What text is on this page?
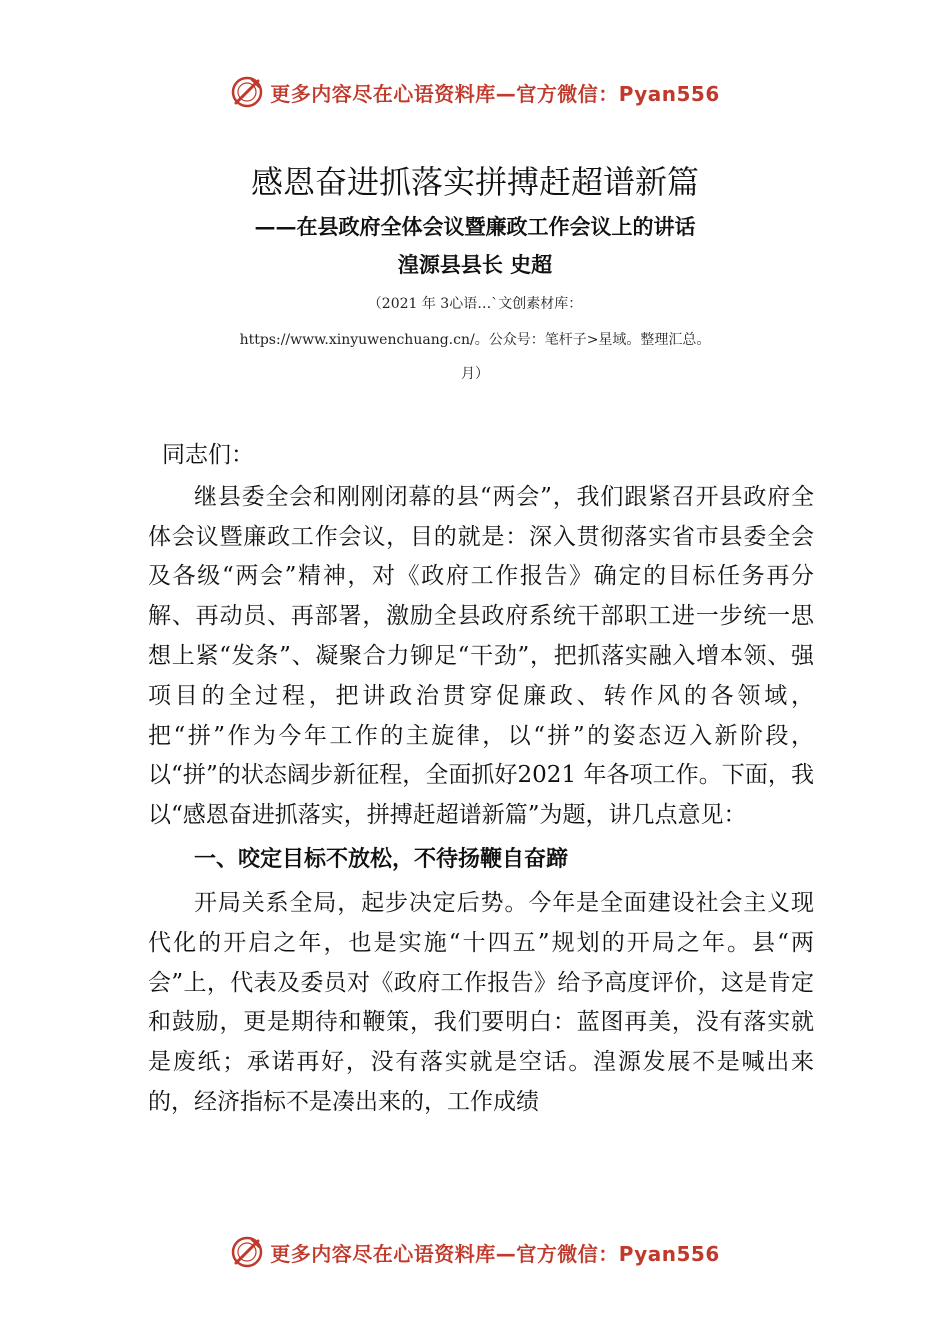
更多内容尽在心语资料库—官方微信：Pyan556
感恩奋进抓落实拼搏赶超谱新篇
——在县政府全体会议暨廉政工作会议上的讲话
湟源县县长 史超
（2021 年 3心语…`文创素材库：
https://www.xinyuwenchuang.cn/。公众号：笔杆子>星域。整理汇总。
月）

同志们：

继县委全会和刚刚闭幕的县“两会”，我们跟紧召开县政府全体会议暨廉政工作会议，目的就是：深入贯彻落实省市县委全会及各级“两会”精神，对《政府工作报告》确定的目标任务再分解、再动员、再部署，激励全县政府系统干部职工进一步统一思想上紧“发条”、凝聚合力铆足“干劲”，把抓落实融入增本领、强项目的全过程，把讲政治贯穿促廉政、转作风的各领域，把“拼”作为今年工作的主旋律，以“拼”的姿态迈入新阶段，以“拼”的状态阔步新征程，全面抓好2021 年各项工作。下面，我以“感恩奋进抓落实，拼搏赶超谱新篇”为题，讲几点意见：

一、咬定目标不放松，不待扬鞭自奋蹄

开局关系全局，起步决定后势。今年是全面建设社会主义现代化的开启之年，也是实施“十四五”规划的开局之年。县“两会”上，代表及委员对《政府工作报告》给予高度评价，这是肯定和鼓励，更是期待和鞭策，我们要明白：蓝图再美，没有落实就是废纸；承诺再好，没有落实就是空话。湟源发展不是喊出来的，经济指标不是凑出来的，工作成绩

更多内容尽在心语资料库—官方微信：Pyan556
